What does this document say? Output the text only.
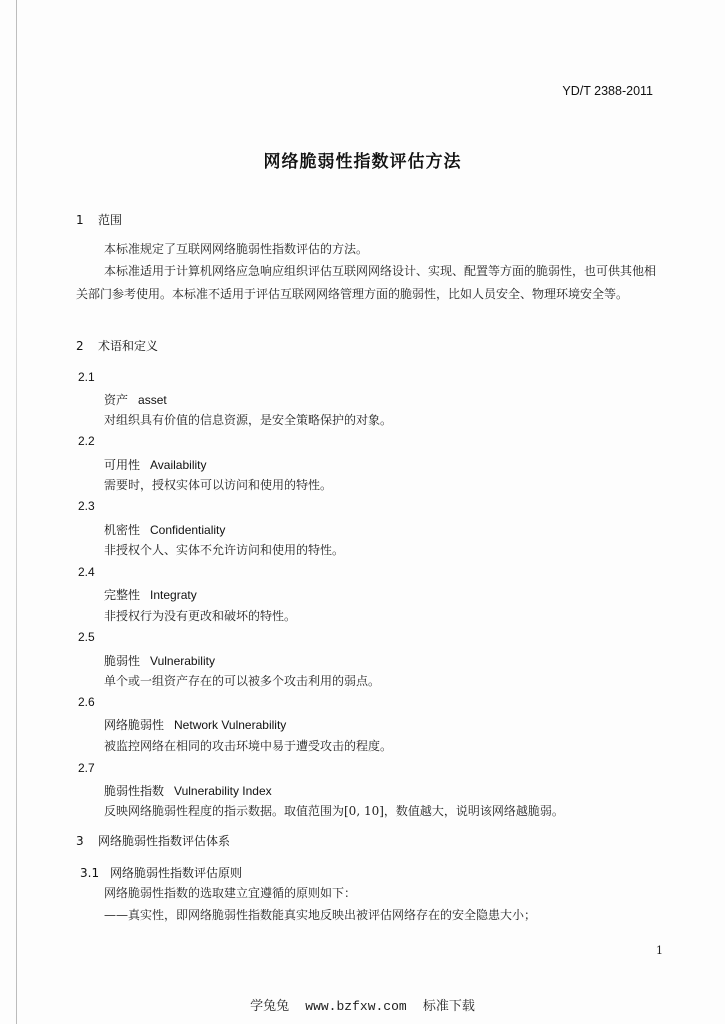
YD/T 2388-2011
网络脆弱性指数评估方法
1 范围
本标准规定了互联网网络脆弱性指数评估的方法。
本标准适用于计算机网络应急响应组织评估互联网网络设计、实现、配置等方面的脆弱性，也可供其他相关部门参考使用。本标准不适用于评估互联网网络管理方面的脆弱性，比如人员安全、物理环境安全等。
2 术语和定义
2.1
资产 asset
对组织具有价值的信息资源，是安全策略保护的对象。
2.2
可用性 Availability
需要时，授权实体可以访问和使用的特性。
2.3
机密性 Confidentiality
非授权个人、实体不允许访问和使用的特性。
2.4
完整性 Integraty
非授权行为没有更改和破坏的特性。
2.5
脆弱性 Vulnerability
单个或一组资产存在的可以被多个攻击利用的弱点。
2.6
网络脆弱性 Network Vulnerability
被监控网络在相同的攻击环境中易于遭受攻击的程度。
2.7
脆弱性指数 Vulnerability Index
反映网络脆弱性程度的指示数据。取值范围为[0, 10]，数值越大，说明该网络越脆弱。
3 网络脆弱性指数评估体系
3.1 网络脆弱性指数评估原则
网络脆弱性指数的选取建立宜遵循的原则如下：
——真实性，即网络脆弱性指数能真实地反映出被评估网络存在的安全隐患大小；
1
学兔兔 www.bzfxw.com 标准下载
